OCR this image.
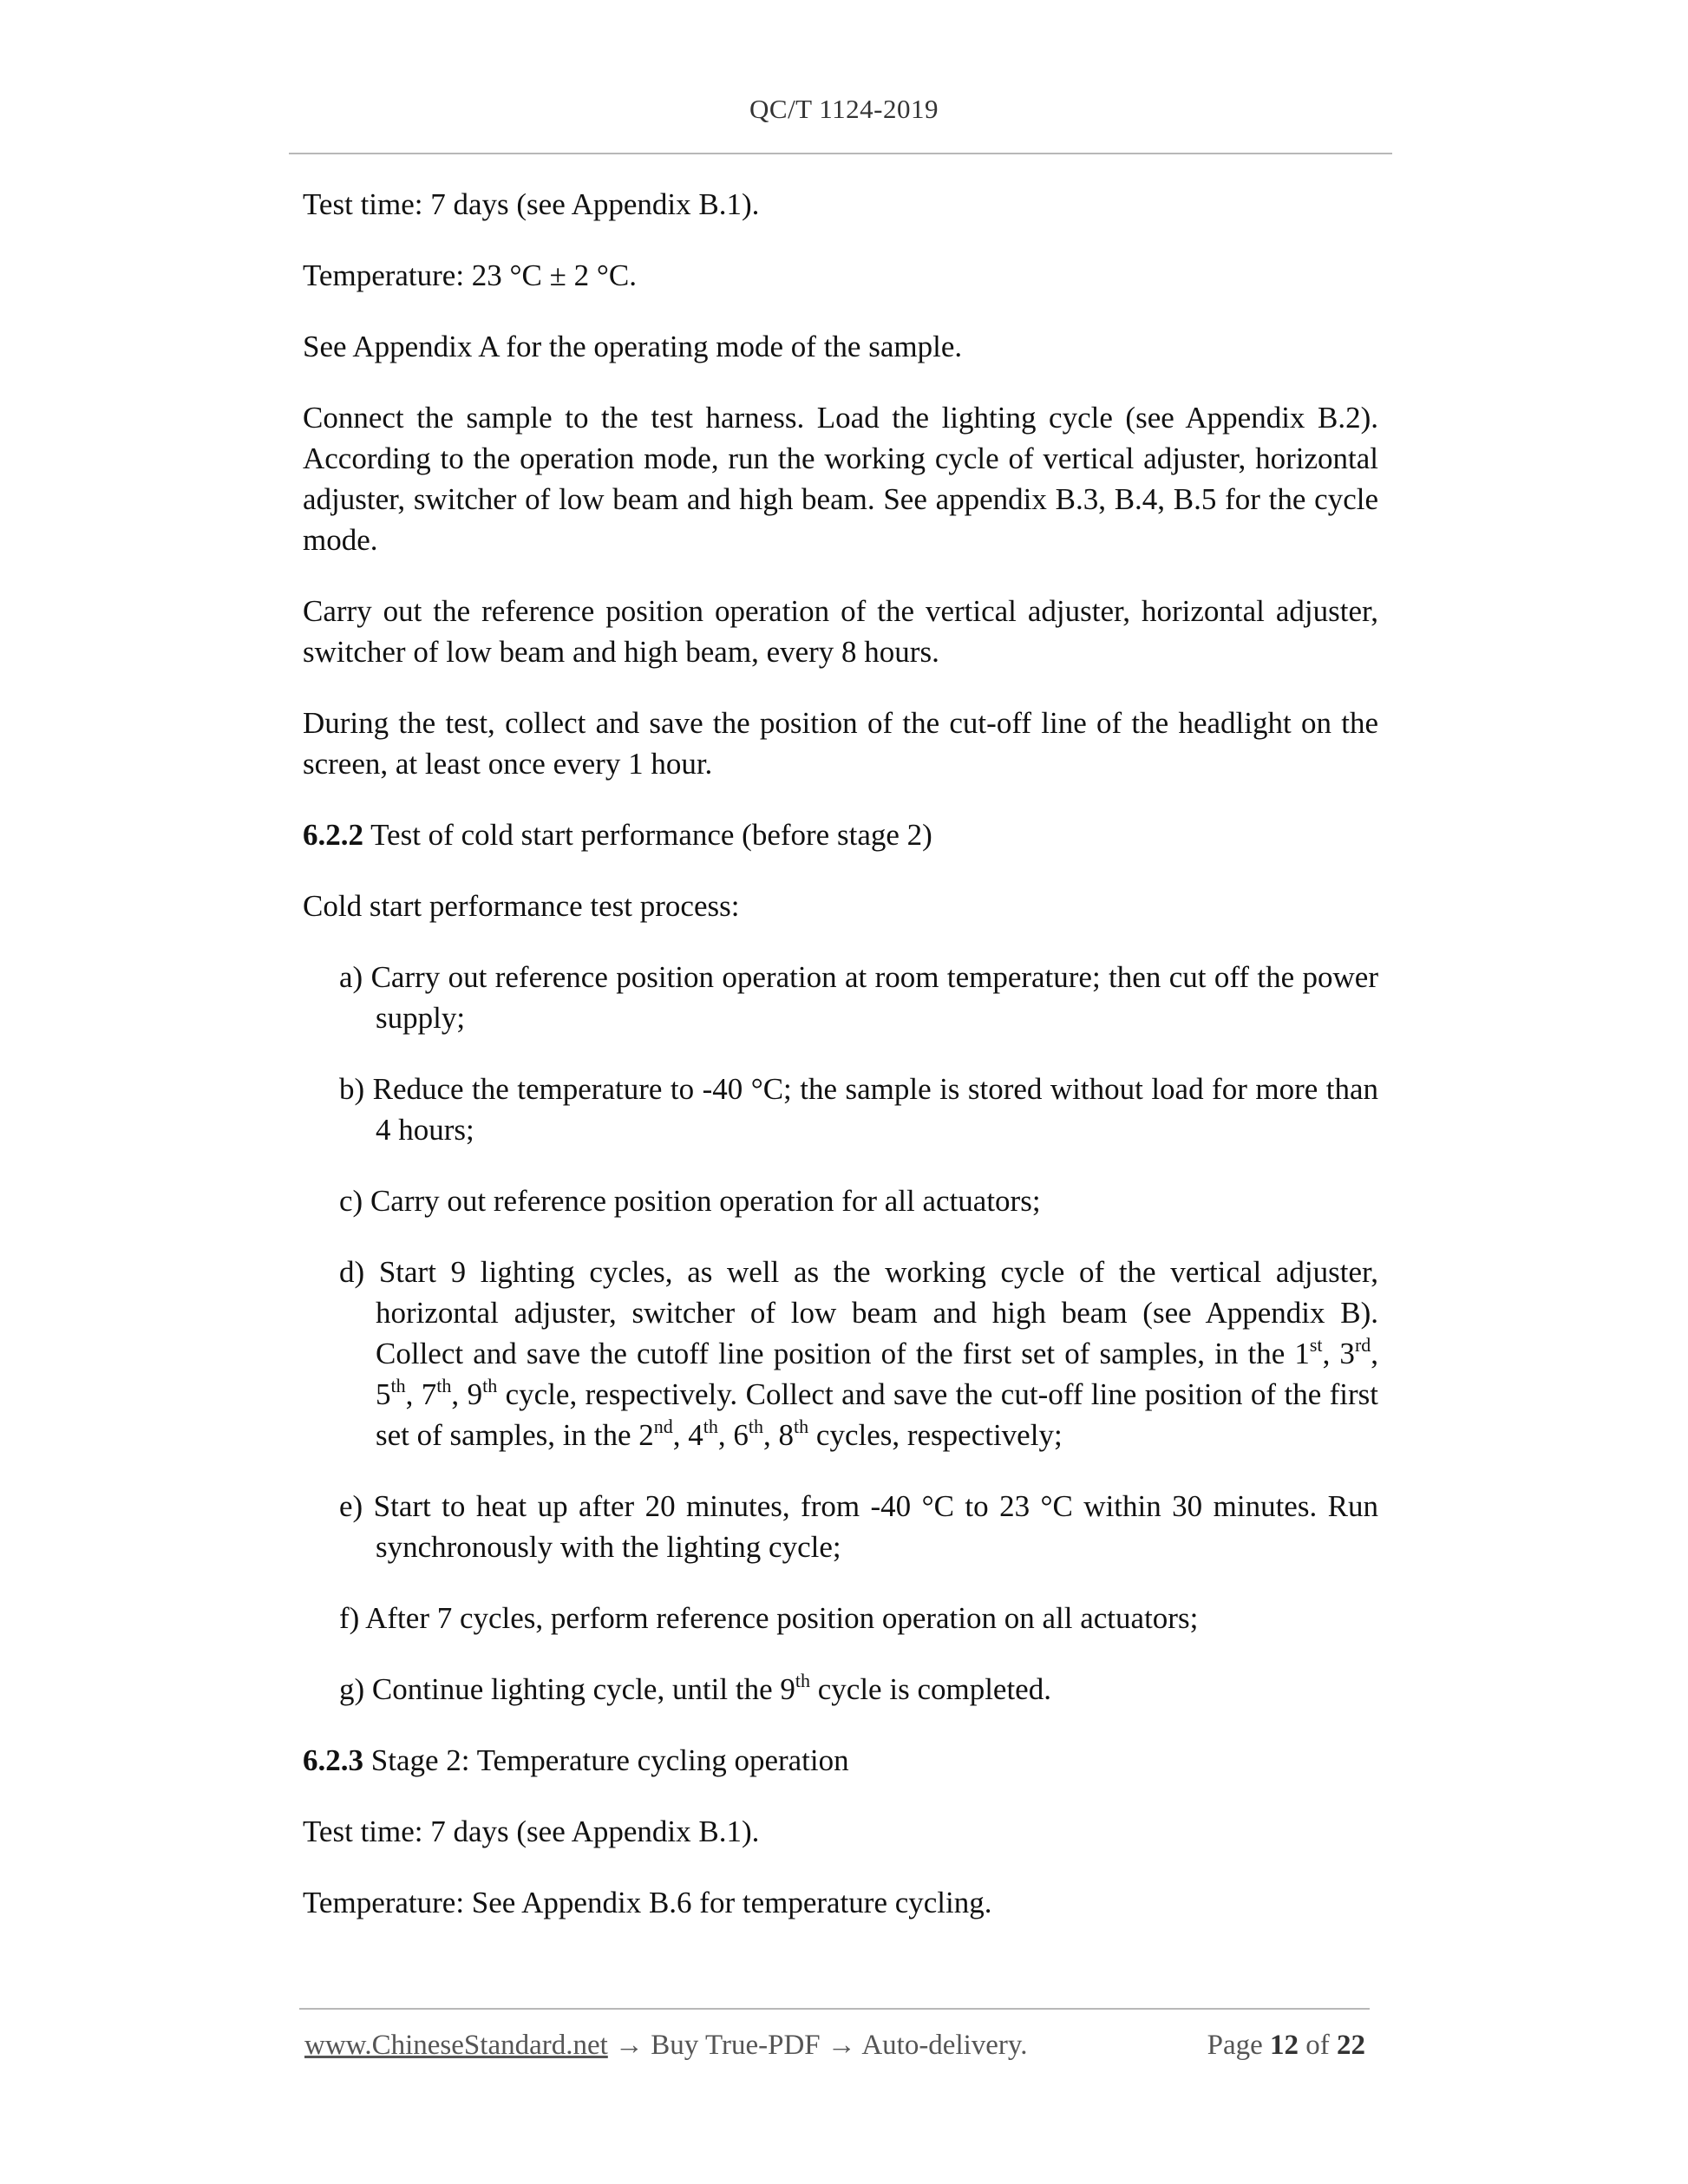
QC/T 1124-2019

Test time: 7 days (see Appendix B.1).

Temperature: 23 °C ± 2 °C.

See Appendix A for the operating mode of the sample.

Connect the sample to the test harness. Load the lighting cycle (see Appendix B.2). According to the operation mode, run the working cycle of vertical adjuster, horizontal adjuster, switcher of low beam and high beam. See appendix B.3, B.4, B.5 for the cycle mode.

Carry out the reference position operation of the vertical adjuster, horizontal adjuster, switcher of low beam and high beam, every 8 hours.

During the test, collect and save the position of the cut-off line of the headlight on the screen, at least once every 1 hour.

6.2.2 Test of cold start performance (before stage 2)

Cold start performance test process:

a) Carry out reference position operation at room temperature; then cut off the power supply;

b) Reduce the temperature to -40 °C; the sample is stored without load for more than 4 hours;

c) Carry out reference position operation for all actuators;

d) Start 9 lighting cycles, as well as the working cycle of the vertical adjuster, horizontal adjuster, switcher of low beam and high beam (see Appendix B). Collect and save the cutoff line position of the first set of samples, in the 1st, 3rd, 5th, 7th, 9th cycle, respectively. Collect and save the cut-off line position of the first set of samples, in the 2nd, 4th, 6th, 8th cycles, respectively;

e) Start to heat up after 20 minutes, from -40 °C to 23 °C within 30 minutes. Run synchronously with the lighting cycle;

f) After 7 cycles, perform reference position operation on all actuators;

g) Continue lighting cycle, until the 9th cycle is completed.

6.2.3 Stage 2: Temperature cycling operation

Test time: 7 days (see Appendix B.1).

Temperature: See Appendix B.6 for temperature cycling.

www.ChineseStandard.net → Buy True-PDF → Auto-delivery.	Page 12 of 22
